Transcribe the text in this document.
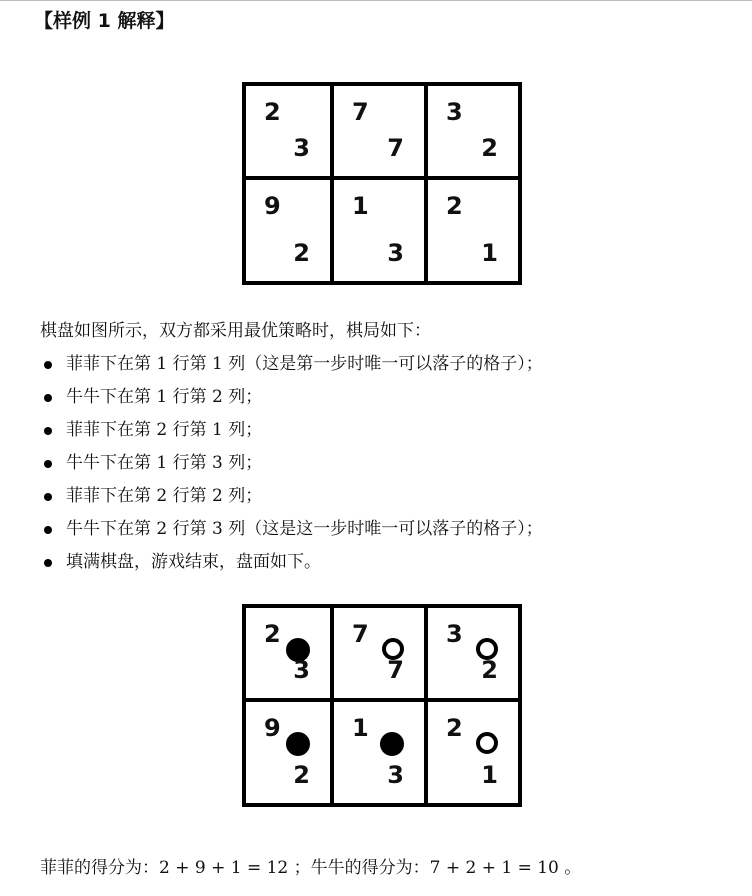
【样例 1 解释】
2
3
7
7
3
2
9
2
1
3
2
1
棋盘如图所示，双方都采用最优策略时，棋局如下：
菲菲下在第 1 行第 1 列（这是第一步时唯一可以落子的格子）；
牛牛下在第 1 行第 2 列；
菲菲下在第 2 行第 1 列；
牛牛下在第 1 行第 3 列；
菲菲下在第 2 行第 2 列；
牛牛下在第 2 行第 3 列（这是这一步时唯一可以落子的格子）；
填满棋盘，游戏结束，盘面如下。
2
3
7
7
3
2
9
2
1
3
2
1
菲菲的得分为：2 + 9 + 1 = 12 ；牛牛的得分为：7 + 2 + 1 = 10 。
